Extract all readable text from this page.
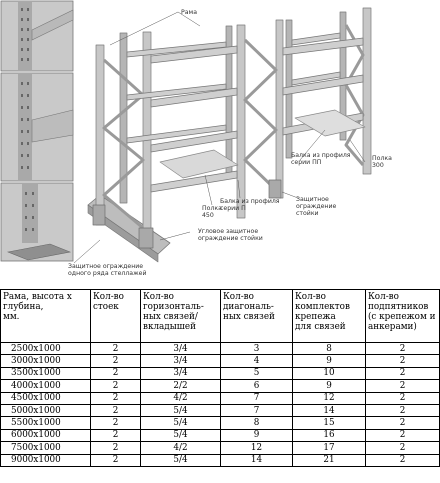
Рама
Балка из профиля серии ПП
Полка 300
Балка из профиля серии П
Полка 450
Защитное ограждение стойки
Угловое защитное ограждение стойки
Защитное ограждение одного ряда стеллажей
Рама, высота х
глубина,
мм.	Кол-во
стоек	Кол-во
горизонталь-
ных связей/
вкладышей	Кол-во
диагональ-
ных связей	Кол-во
комплектов
крепежа
для связей	Кол-во
подпятников
(с крепежом и
анкерами)

2500х1000	2	3/4	3	8	2
3000х1000	2	3/4	4	9	2
3500х1000	2	3/4	5	10	2
4000х1000	2	2/2	6	9	2
4500х1000	2	4/2	7	12	2
5000х1000	2	5/4	7	14	2
5500х1000	2	5/4	8	15	2
6000х1000	2	5/4	9	16	2
7500х1000	2	4/2	12	17	2
9000х1000	2	5/4	14	21	2
